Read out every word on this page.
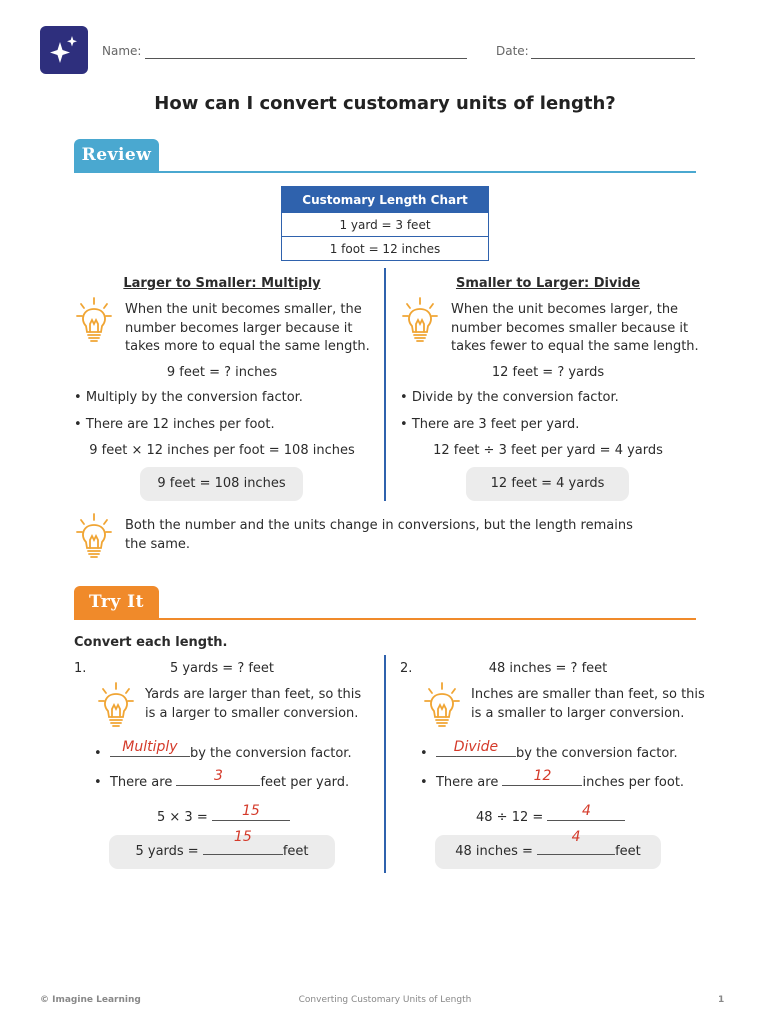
Name:	Date:
How can I convert customary units of length?
Review
Customary Length Chart
1 yard = 3 feet
1 foot = 12 inches
Larger to Smaller: Multiply
When the unit becomes smaller, the
number becomes larger because it
takes more to equal the same length.
9 feet = ? inches
• Multiply by the conversion factor.
• There are 12 inches per foot.
9 feet × 12 inches per foot = 108 inches
9 feet = 108 inches
Smaller to Larger: Divide
When the unit becomes larger, the
number becomes smaller because it
takes fewer to equal the same length.
12 feet = ? yards
• Divide by the conversion factor.
• There are 3 feet per yard.
12 feet ÷ 3 feet per yard = 4 yards
12 feet = 4 yards
Both the number and the units change in conversions, but the length remains
the same.
Try It
Convert each length.
1.	5 yards = ? feet
Yards are larger than feet, so this
is a larger to smaller conversion.
• Multiply by the conversion factor.
•  There are	3	feet per yard.
5 × 3 =	15
5 yards =
15
feet
2.	48 inches = ? feet
Inches are smaller than feet, so this
is a smaller to larger conversion.
•	Divide	by the conversion factor.
•  There are	12	inches per foot.
48 ÷ 12 =	4
48 inches =
4
feet
© Imagine Learning	Converting Customary Units of Length	1
